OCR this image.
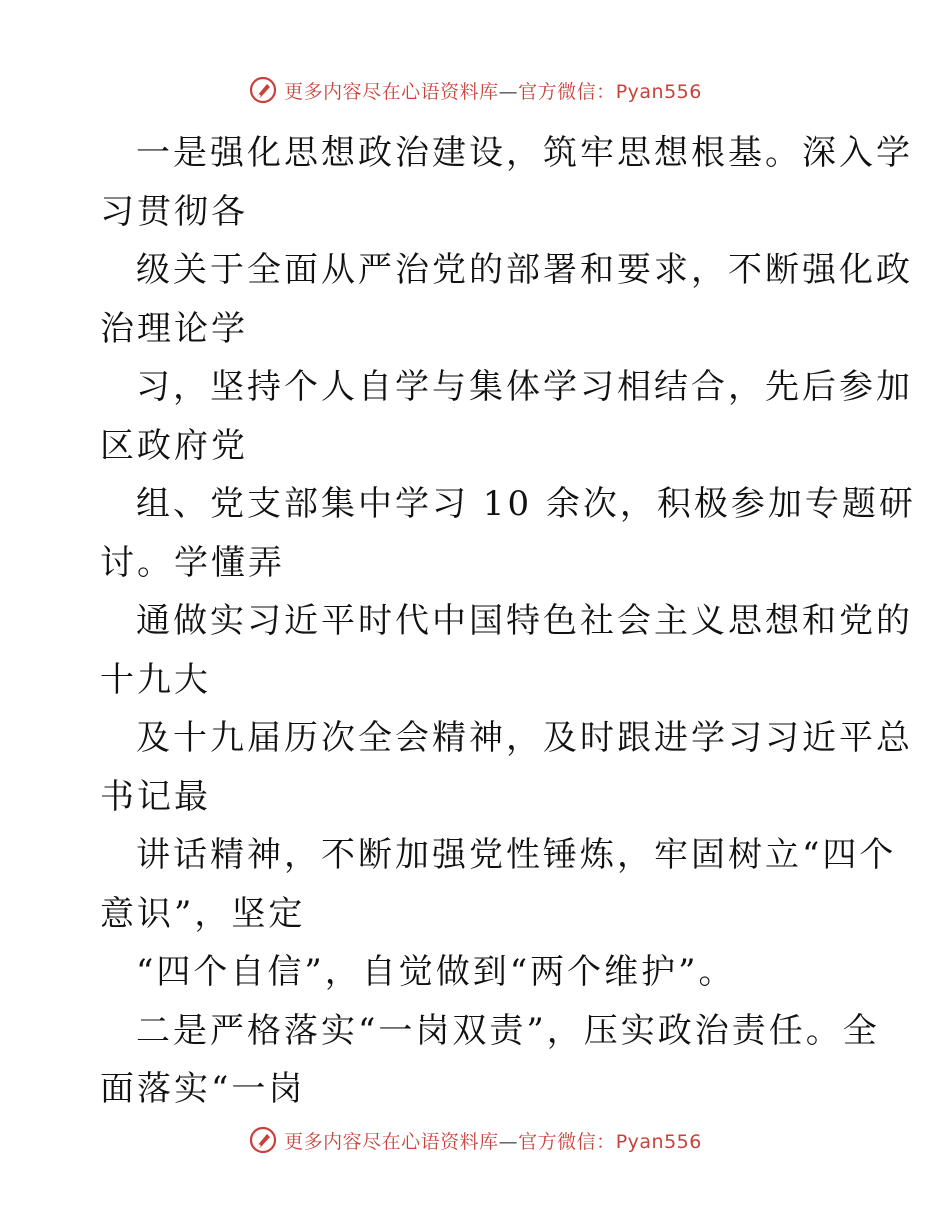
更多内容尽在心语资料库—官方微信：Pyan556
一是强化思想政治建设，筑牢思想根基。深入学
习贯彻各
级关于全面从严治党的部署和要求，不断强化政
治理论学
习，坚持个人自学与集体学习相结合，先后参加
区政府党
组、党支部集中学习 10 余次，积极参加专题研
讨。学懂弄
通做实习近平时代中国特色社会主义思想和党的
十九大
及十九届历次全会精神，及时跟进学习习近平总
书记最
讲话精神，不断加强党性锤炼，牢固树立“四个
意识”，坚定
“四个自信”，自觉做到“两个维护”。
二是严格落实“一岗双责”，压实政治责任。全
面落实“一岗
更多内容尽在心语资料库—官方微信：Pyan556
